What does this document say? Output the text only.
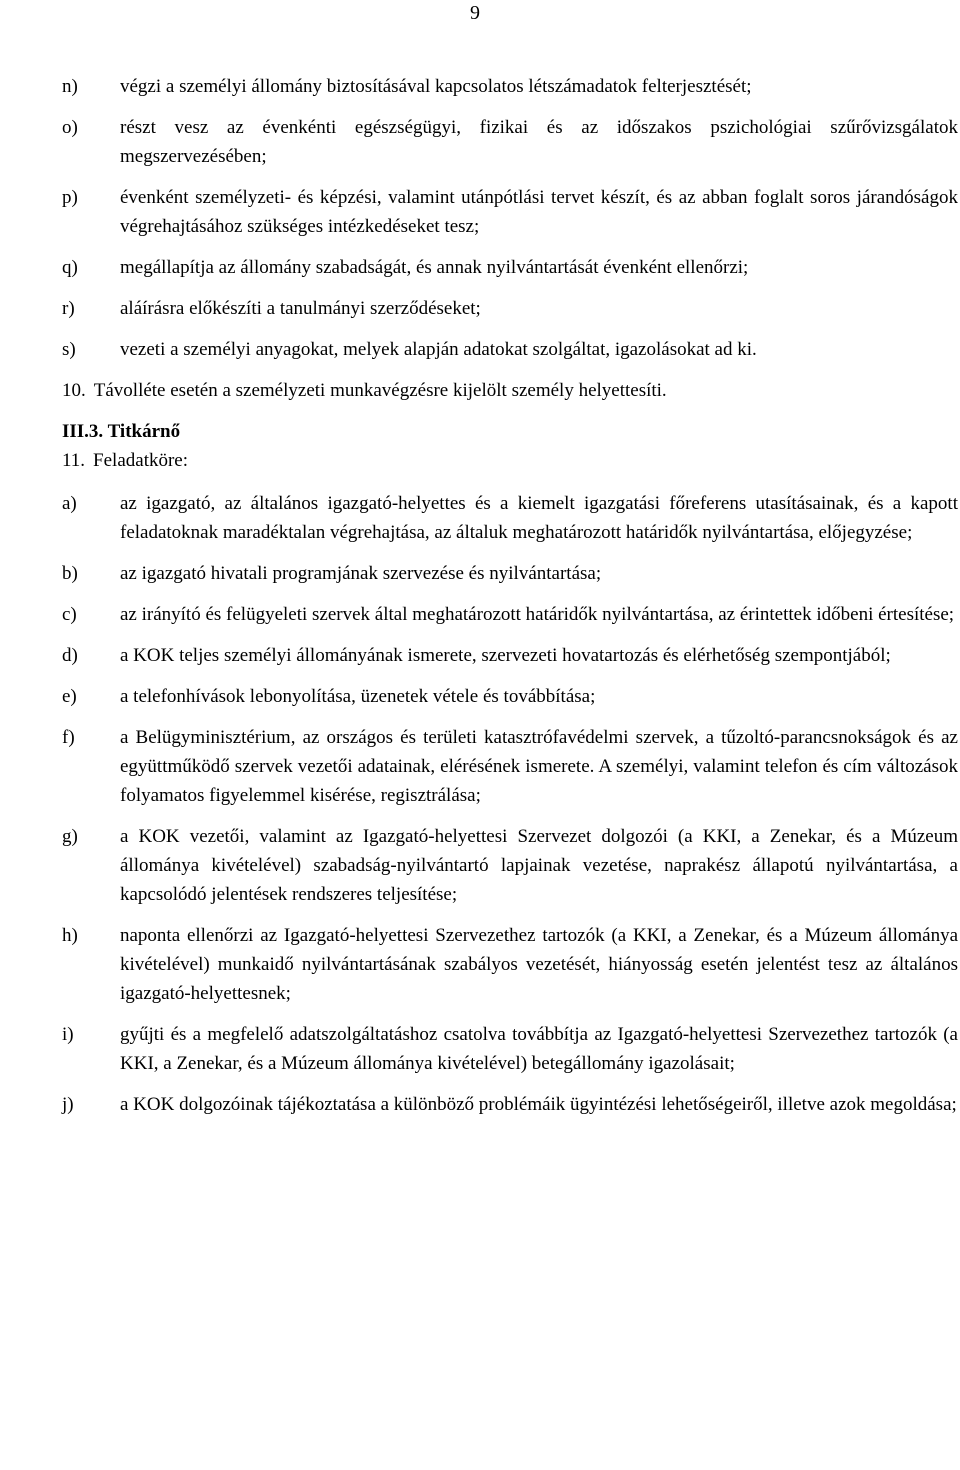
9
n)	végzi a személyi állomány biztosításával kapcsolatos létszámadatok felterjesztését;
o)	részt vesz az évenkénti egészségügyi, fizikai és az időszakos pszichológiai szűrővizsgálatok megszervezésében;
p)	évenként személyzeti- és képzési, valamint utánpótlási tervet készít, és az abban foglalt soros járandóságok végrehajtásához szükséges intézkedéseket tesz;
q)	megállapítja az állomány szabadságát, és annak nyilvántartását évenként ellenőrzi;
r)	aláírásra előkészíti a tanulmányi szerződéseket;
s)	vezeti a személyi anyagokat, melyek alapján adatokat szolgáltat, igazolásokat ad ki.
10. Távolléte esetén a személyzeti munkavégzésre kijelölt személy helyettesíti.
III.3. Titkárnő
11. Feladatköre:
a)	az igazgató, az általános igazgató-helyettes és a kiemelt igazgatási főreferens utasításainak, és a kapott feladatoknak maradéktalan végrehajtása, az általuk meghatározott határidők nyilvántartása, előjegyzése;
b)	az igazgató hivatali programjának szervezése és nyilvántartása;
c)	az irányító és felügyeleti szervek által meghatározott határidők nyilvántartása, az érintettek időbeni értesítése;
d)	a KOK teljes személyi állományának ismerete, szervezeti hovatartozás és elérhetőség szempontjából;
e)	a telefonhívások lebonyolítása, üzenetek vétele és továbbítása;
f)	a Belügyminisztérium, az országos és területi katasztrófavédelmi szervek, a tűzoltó-parancsnokságok és az együttműködő szervek vezetői adatainak, elérésének ismerete. A személyi, valamint telefon és cím változások folyamatos figyelemmel kisérése, regisztrálása;
g)	a KOK vezetői, valamint az Igazgató-helyettesi Szervezet dolgozói (a KKI, a Zenekar, és a Múzeum állománya kivételével) szabadság-nyilvántartó lapjainak vezetése, naprakész állapotú nyilvántartása, a kapcsolódó jelentések rendszeres teljesítése;
h)	naponta ellenőrzi az Igazgató-helyettesi Szervezethez tartozók (a KKI, a Zenekar, és a Múzeum állománya kivételével) munkaidő nyilvántartásának szabályos vezetését, hiányosság esetén jelentést tesz az általános igazgató-helyettesnek;
i)	gyűjti és a megfelelő adatszolgáltatáshoz csatolva továbbítja az Igazgató-helyettesi Szervezethez tartozók (a KKI, a Zenekar, és a Múzeum állománya kivételével) betegállomány igazolásait;
j)	a KOK dolgozóinak tájékoztatása a különböző problémáik ügyintézési lehetőségeiről, illetve azok megoldása;
